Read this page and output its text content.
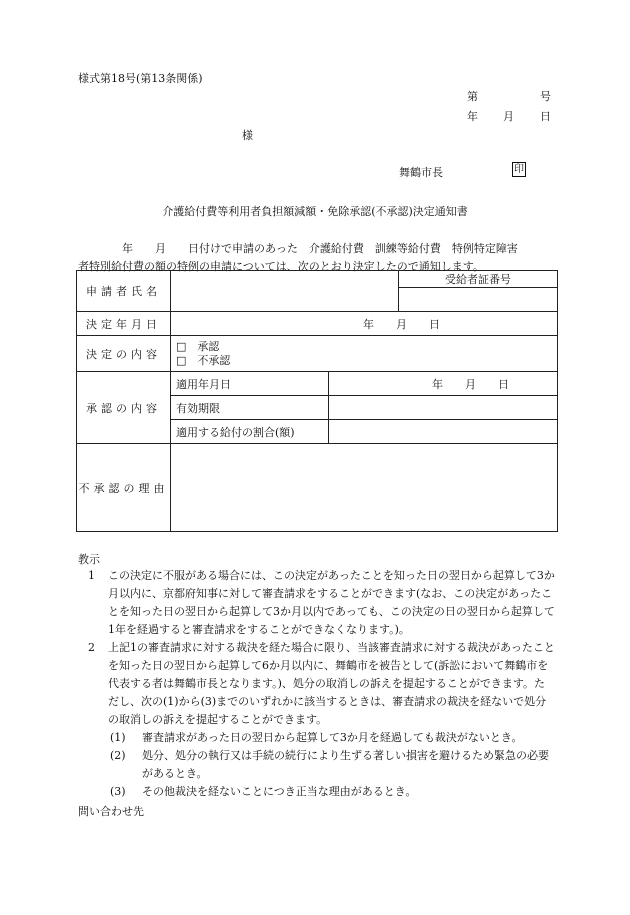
様式第18号(第13条関係)
第	号
年 月 日
様
舞鶴市長	印
介護給付費等利用者負担額減額・免除承認(不承認)決定通知書
年　　月　　日付けで申請のあった　介護給付費　訓練等給付費　特例特定障害
者特別給付費の額の特例の申請については、次のとおり決定したので通知します。
申請者氏名			受給者証番号

決定年月日	年　　月　　日		
決定の内容	□　承認
□　不承認		

承認の内容	適用年月日	年　　月　　日	
	有効期限		
	適用する給付の割合(額)		
不承認の理由			
教示
1 この決定に不服がある場合には、この決定があったことを知った日の翌日から起算して3か月以内に、京都府知事に対して審査請求をすることができます(なお、この決定があったことを知った日の翌日から起算して3か月以内であっても、この決定の日の翌日から起算して1年を経過すると審査請求をすることができなくなります。)。
2 上記1の審査請求に対する裁決を経た場合に限り、当該審査請求に対する裁決があったことを知った日の翌日から起算して6か月以内に、舞鶴市を被告として(訴訟において舞鶴市を代表する者は舞鶴市長となります。)、処分の取消しの訴えを提起することができます。ただし、次の(1)から(3)までのいずれかに該当するときは、審査請求の裁決を経ないで処分の取消しの訴えを提起することができます。
(1) 審査請求があった日の翌日から起算して3か月を経過しても裁決がないとき。
(2) 処分、処分の執行又は手続の続行により生ずる著しい損害を避けるため緊急の必要があるとき。
(3) その他裁決を経ないことにつき正当な理由があるとき。
問い合わせ先
